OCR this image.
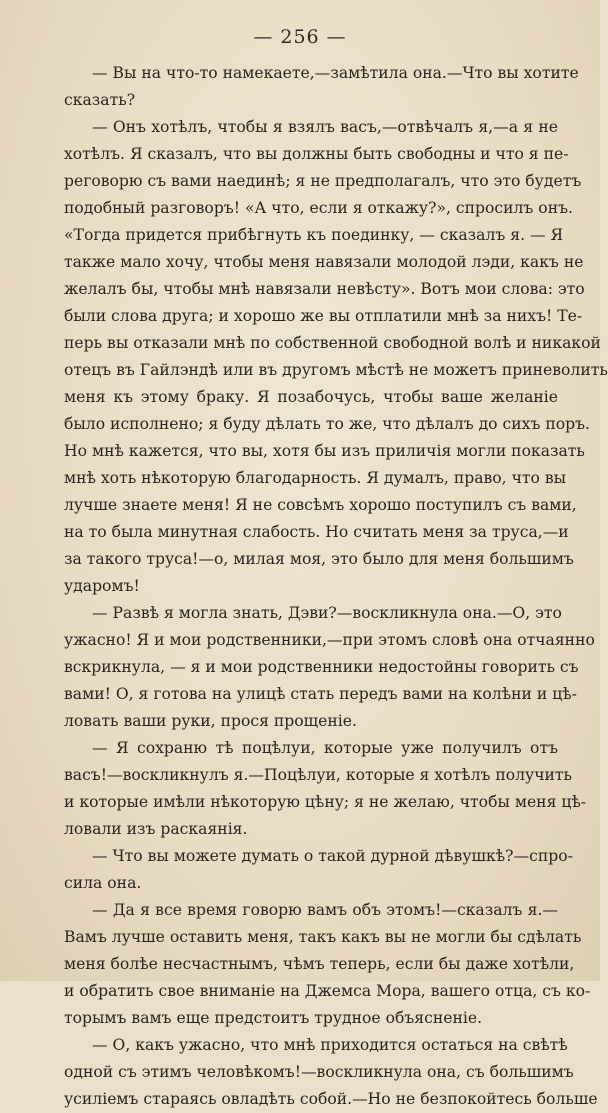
— 256 —
— Вы на что-то намекаете,—замѣтила она.—Что вы хотите
сказать?
— Онъ хотѣлъ, чтобы я взялъ васъ,—отвѣчалъ я,—а я не
хотѣлъ. Я сказалъ, что вы должны быть свободны и что я пе-
реговорю съ вами наединѣ; я не предполагалъ, что это будетъ
подобный разговоръ! «А что, если я откажу?», спросилъ онъ.
«Тогда придется прибѣгнуть къ поединку, — сказалъ я. — Я
также мало хочу, чтобы меня навязали молодой лэди, какъ не
желалъ бы, чтобы мнѣ навязали невѣсту». Вотъ мои слова: это
были слова друга; и хорошо же вы отплатили мнѣ за нихъ! Те-
перь вы отказали мнѣ по собственной свободной волѣ и никакой
отецъ въ Гайлэндѣ или въ другомъ мѣстѣ не можетъ приневолить
меня къ этому браку. Я позабочусь, чтобы ваше желаніе
было исполнено; я буду дѣлать то же, что дѣлалъ до сихъ поръ.
Но мнѣ кажется, что вы, хотя бы изъ приличія могли показать
мнѣ хоть нѣкоторую благодарность. Я думалъ, право, что вы
лучше знаете меня! Я не совсѣмъ хорошо поступилъ съ вами,
на то была минутная слабость. Но считать меня за труса,—и
за такого труса!—о, милая моя, это было для меня большимъ
ударомъ!
— Развѣ я могла знать, Дэви?—воскликнула она.—О, это
ужасно! Я и мои родственники,—при этомъ словѣ она отчаянно
вскрикнула, — я и мои родственники недостойны говорить съ
вами! О, я готова на улицѣ стать передъ вами на колѣни и цѣ-
ловать ваши руки, прося прощеніе.
— Я сохраню тѣ поцѣлуи, которые уже получилъ отъ
васъ!—воскликнулъ я.—Поцѣлуи, которые я хотѣлъ получить
и которые имѣли нѣкоторую цѣну; я не желаю, чтобы меня цѣ-
ловали изъ раскаянія.
— Что вы можете думать о такой дурной дѣвушкѣ?—спро-
сила она.
— Да я все время говорю вамъ объ этомъ!—сказалъ я.—
Вамъ лучше оставить меня, такъ какъ вы не могли бы сдѣлать
меня болѣе несчастнымъ, чѣмъ теперь, если бы даже хотѣли,
и обратить свое вниманіе на Джемса Мора, вашего отца, съ ко-
торымъ вамъ еще предстоитъ трудное объясненіе.
— О, какъ ужасно, что мнѣ приходится остаться на свѣтѣ
одной съ этимъ человѣкомъ!—воскликнула она, съ большимъ
усиліемъ стараясь овладѣть собой.—Но не безпокойтесь больше
